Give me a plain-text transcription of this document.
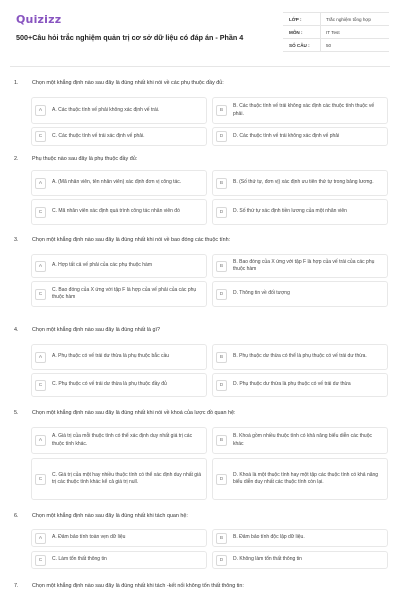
Quizizz
500+Câu hỏi trắc nghiệm quản trị cơ sở dữ liệu có đáp án - Phần 4
LỚP :	Trắc nghiệm tổng hợp
MÔN :	IT Test
SỐ CÂU :	50
1.	Chọn một khẳng định nào sau đây là đúng nhất khi nói về các phụ thuộc đầy đủ:
A	A. Các thuộc tính vế phải không xác định vế trái.	B
B. Các thuộc tính vế trái không xác định các thuộc tính thuộc vế phải.
C	C. Các thuộc tính vế trái xác định vế phải.	D	D. Các thuộc tính vế trái không xác định vế phải
2.	Phụ thuộc nào sau đây là phụ thuộc đầy đủ:
A	A. (Mã nhân viên, tên nhân viên) xác định đơn vị công tác.	B	B. (Số thứ tự, đơn vị) xác định ưu tiên thứ tự trong bảng lương.
C	C. Mã nhân viên xác định quá trình công tác nhân viên đó	D	D. Số thứ tự xác định tiền lương của một nhân viên
3.	Chọn một khẳng định nào sau đây là đúng nhất khi nói về bao đóng các thuộc tính:
A	A. Hợp tất cả vế phải của các phụ thuộc hàm	B
B. Bao đóng của X ứng với tập F là hợp của vế trái của các phụ thuộc hàm
C
C. Bao đóng của X ứng với tập F là hợp của vế phải của các phụ thuộc hàm	D	D. Thông tin về đối tượng
4.	Chọn một khẳng định nào sau đây là đúng nhất là gì?
A	A. Phụ thuộc có vế trái dư thừa là phụ thuộc bắc cầu	B	B. Phụ thuộc dư thừa có thể là phụ thuộc có vế trái dư thừa.
C	C. Phụ thuộc có vế trái dư thừa là phụ thuộc đầy đủ	D	D. Phụ thuộc dư thừa là phụ thuộc có vế trái dư thừa
5.	Chọn một khẳng định nào sau đây là đúng nhất khi nói về khoá của lược đồ quan hệ:
A
A. Giá trị của mỗi thuộc tính có thể xác định duy nhất giá trị các thuộc tính khác.	B
B. Khoá gồm nhiều thuộc tính có khả năng biểu diễn các thuộc khác
C
C. Giá trị của một hay nhiều thuộc tính có thể xác định duy nhất giá trị các thuộc tính khác kể cả giá trị null.	D
D. Khoá là một thuộc tính hay một tập các thuộc tính có khả năng biểu diễn duy nhất các thuộc tính còn lại.
6.	Chọn một khẳng định nào sau đây là đúng nhất khi tách quan hệ:
A	A. Đảm bảo tính toàn vẹn dữ liệu	B	B. Đảm bảo tính độc lập dữ liệu.
C	C. Làm tổn thất thông tin	D	D. Không làm tổn thất thông tin
7.	Chọn một khẳng định nào sau đây là đúng nhất khi tách -kết nối không tổn thất thông tin:
